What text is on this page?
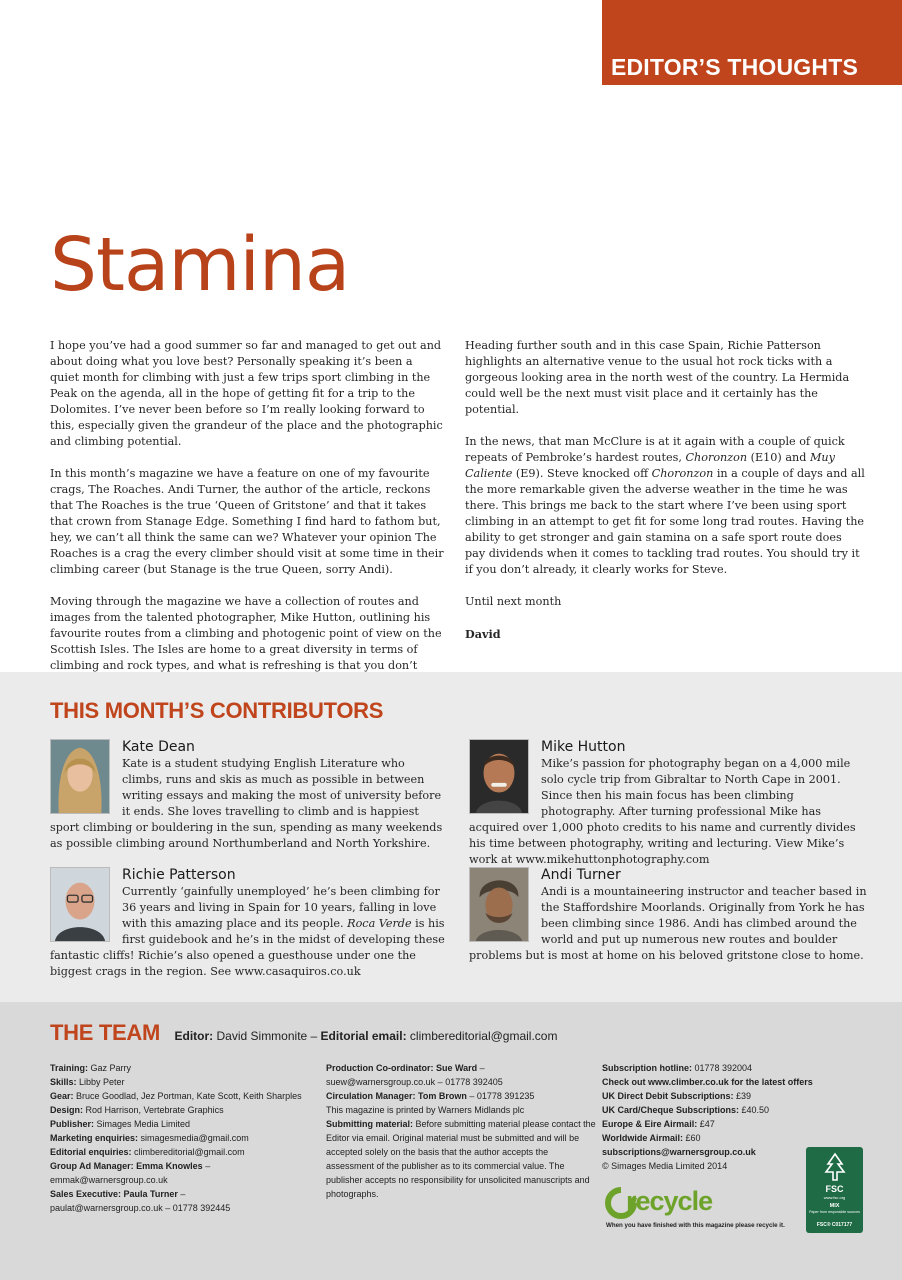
EDITOR’S THOUGHTS
Stamina

I hope you’ve had a good summer so far and managed to get out and about doing what you love best? Personally speaking it’s been a quiet month for climbing with just a few trips sport climbing in the Peak on the agenda, all in the hope of getting fit for a trip to the Dolomites. I’ve never been before so I’m really looking forward to this, especially given the grandeur of the place and the photographic and climbing potential.

In this month’s magazine we have a feature on one of my favourite crags, The Roaches. Andi Turner, the author of the article, reckons that The Roaches is the true ‘Queen of Gritstone’ and that it takes that crown from Stanage Edge. Something I find hard to fathom but, hey, we can’t all think the same can we? Whatever your opinion The Roaches is a crag the every climber should visit at some time in their climbing career (but Stanage is the true Queen, sorry Andi).

Moving through the magazine we have a collection of routes and images from the talented photographer, Mike Hutton, outlining his favourite routes from a climbing and photogenic point of view on the Scottish Isles. The Isles are home to a great diversity in terms of climbing and rock types, and what is refreshing is that you don’t

Heading further south and in this case Spain, Richie Patterson highlights an alternative venue to the usual hot rock ticks with a gorgeous looking area in the north west of the country. La Hermida could well be the next must visit place and it certainly has the potential.

In the news, that man McClure is at it again with a couple of quick repeats of Pembroke’s hardest routes, Choronzon (E10) and Muy Caliente (E9). Steve knocked off Choronzon in a couple of days and all the more remarkable given the adverse weather in the time he was there. This brings me back to the start where I’ve been using sport climbing in an attempt to get fit for some long trad routes. Having the ability to get stronger and gain stamina on a safe sport route does pay dividends when it comes to tackling trad routes. You should try it if you don’t already, it clearly works for Steve.

Until next month

David

THIS MONTH’S CONTRIBUTORS
Kate Dean
Kate is a student studying English Literature who climbs, runs and skis as much as possible in between writing essays and making the most of university before it ends. She loves travelling to climb and is happiest sport climbing or bouldering in the sun, spending as many weekends as possible climbing around Northumberland and North Yorkshire.
Mike Hutton
Mike’s passion for photography began on a 4,000 mile solo cycle trip from Gibraltar to North Cape in 2001. Since then his main focus has been climbing photography. After turning professional Mike has acquired over 1,000 photo credits to his name and currently divides his time between photography, writing and lecturing. View Mike’s work at www.mikehuttonphotography.com
Richie Patterson
Currently ‘gainfully unemployed’ he’s been climbing for 36 years and living in Spain for 10 years, falling in love with this amazing place and its people. Roca Verde is his first guidebook and he’s in the midst of developing these fantastic cliffs! Richie’s also opened a guesthouse under one the biggest crags in the region. See www.casaquiros.co.uk
Andi Turner
Andi is a mountaineering instructor and teacher based in the Staffordshire Moorlands. Originally from York he has been climbing since 1986. Andi has climbed around the world and put up numerous new routes and boulder problems but is most at home on his beloved gritstone close to home.
THE TEAM Editor: David Simmonite – Editorial email: climbereditorial@gmail.com
Training: Gaz Parry
Skills: Libby Peter
Gear: Bruce Goodlad, Jez Portman, Kate Scott, Keith Sharples
Design: Rod Harrison, Vertebrate Graphics
Publisher: Simages Media Limited
Marketing enquiries: simagesmedia@gmail.com
Editorial enquiries: climbereditorial@gmail.com
Group Ad Manager: Emma Knowles – emmak@warnersgroup.co.uk
Sales Executive: Paula Turner –
paulat@warnersgroup.co.uk – 01778 392445
Production Co-ordinator: Sue Ward –
suew@warnersgroup.co.uk – 01778 392405
Circulation Manager: Tom Brown – 01778 391235
This magazine is printed by Warners Midlands plc
Submitting material: Before submitting material please contact the Editor via email. Original material must be submitted and will be accepted solely on the basis that the author accepts the assessment of the publisher as to its commercial value. The publisher accepts no responsibility for unsolicited manuscripts and photographs.
Subscription hotline: 01778 392004
Check out www.climber.co.uk for the latest offers
UK Direct Debit Subscriptions: £39
UK Card/Cheque Subscriptions: £40.50
Europe & Eire Airmail: £47
Worldwide Airmail: £60
subscriptions@warnersgroup.co.uk
© Simages Media Limited 2014
recycle
When you have finished with this magazine please recycle it.
FSC
www.fsc.org
MIX
Paper from responsible sources
FSC® C017177
